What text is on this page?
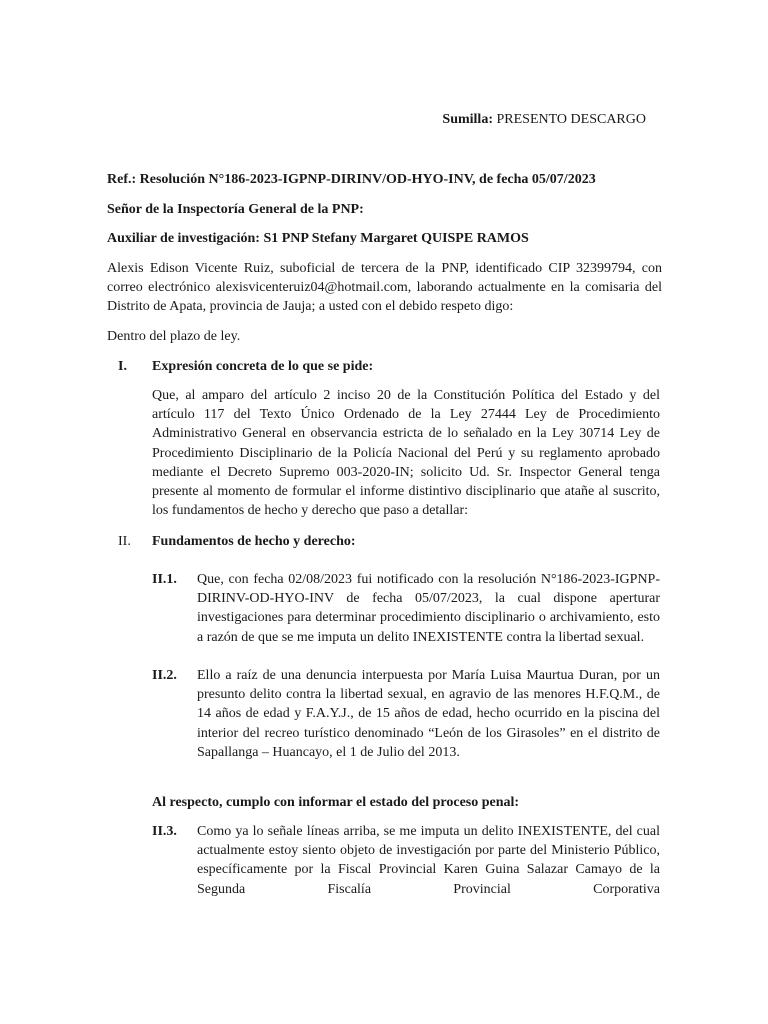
Sumilla: PRESENTO DESCARGO
Ref.: Resolución N°186-2023-IGPNP-DIRINV/OD-HYO-INV, de fecha 05/07/2023
Señor de la Inspectoría General de la PNP:
Auxiliar de investigación: S1 PNP Stefany Margaret QUISPE RAMOS

Alexis Edison Vicente Ruiz, suboficial de tercera de la PNP, identificado CIP 32399794, con correo electrónico alexisvicenteruiz04@hotmail.com, laborando actualmente en la comisaria del Distrito de Apata, provincia de Jauja; a usted con el debido respeto digo:

Dentro del plazo de ley.
I. Expresión concreta de lo que se pide:

Que, al amparo del artículo 2 inciso 20 de la Constitución Política del Estado y del artículo 117 del Texto Único Ordenado de la Ley 27444 Ley de Procedimiento Administrativo General en observancia estricta de lo señalado en la Ley 30714 Ley de Procedimiento Disciplinario de la Policía Nacional del Perú y su reglamento aprobado mediante el Decreto Supremo 003-2020-IN; solicito Ud. Sr. Inspector General tenga presente al momento de formular el informe distintivo disciplinario que atañe al suscrito, los fundamentos de hecho y derecho que paso a detallar:

II. Fundamentos de hecho y derecho:
II.1. Que, con fecha 02/08/2023 fui notificado con la resolución N°186-2023-IGPNP-DIRINV-OD-HYO-INV de fecha 05/07/2023, la cual dispone aperturar investigaciones para determinar procedimiento disciplinario o archivamiento, esto a razón de que se me imputa un delito INEXISTENTE contra la libertad sexual.

II.2. Ello a raíz de una denuncia interpuesta por María Luisa Maurtua Duran, por un presunto delito contra la libertad sexual, en agravio de las menores H.F.Q.M., de 14 años de edad y F.A.Y.J., de 15 años de edad, hecho ocurrido en la piscina del interior del recreo turístico denominado “León de los Girasoles” en el distrito de Sapallanga – Huancayo, el 1 de Julio del 2013.

Al respecto, cumplo con informar el estado del proceso penal:
II.3. Como ya lo señale líneas arriba, se me imputa un delito INEXISTENTE, del cual actualmente estoy siento objeto de investigación por parte del Ministerio Público, específicamente por la Fiscal Provincial Karen Guina Salazar Camayo de la Segunda Fiscalía Provincial Corporativa
